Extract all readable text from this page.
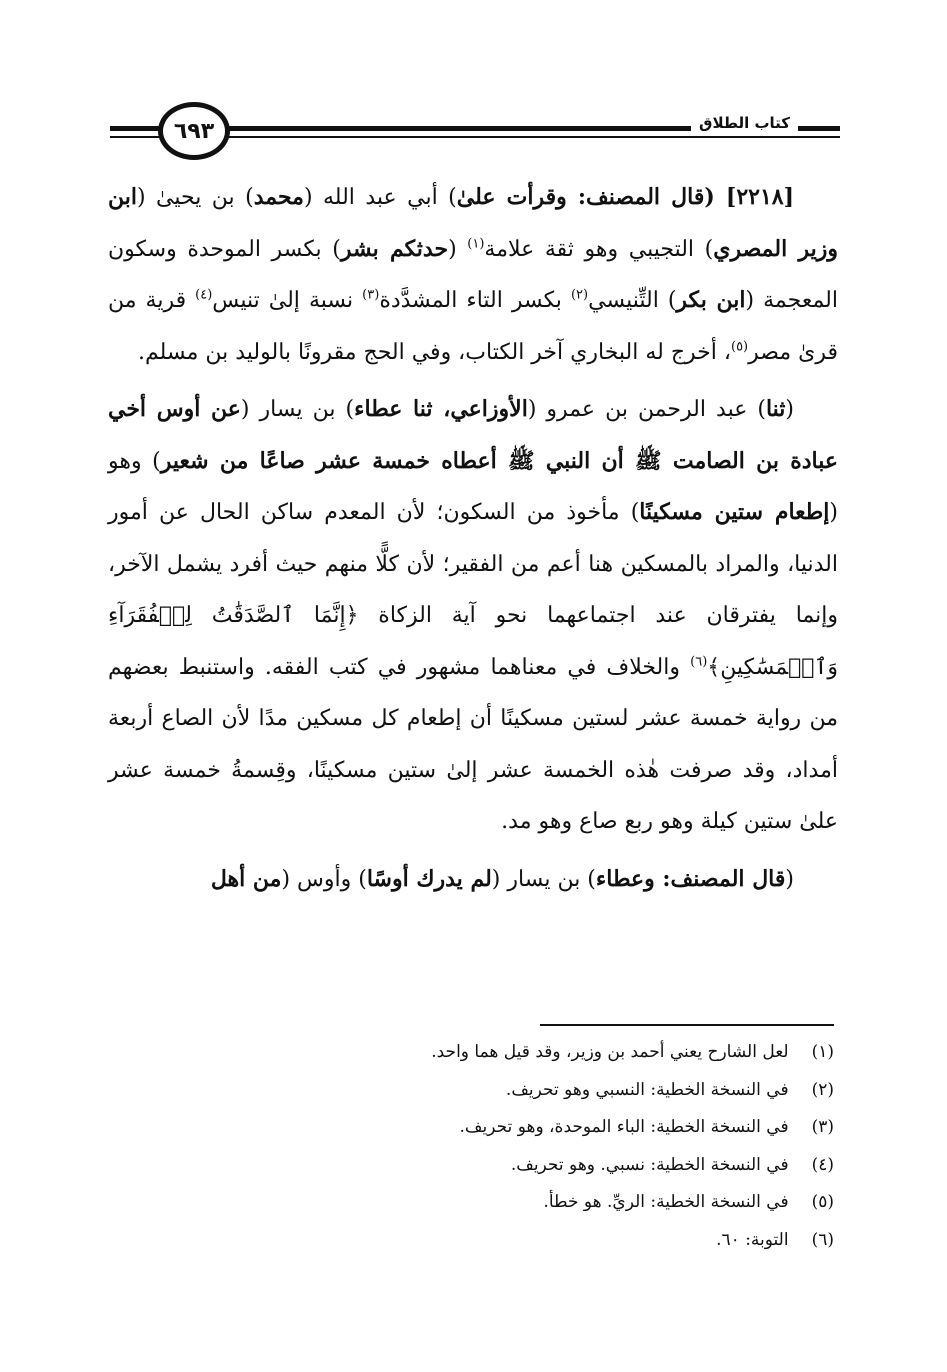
كتاب الطلاق
٦٩٣

[٢٢١٨] (قال المصنف: وقرأت علىٰ) أبي عبد الله (محمد) بن يحيىٰ (ابن وزير المصري) التجيبي وهو ثقة علامة$^{(١)}$ (حدثكم بشر) بكسر الموحدة وسكون المعجمة (ابن بكر) التِّنيسي$^{(٢)}$ بكسر التاء المشدَّدة$^{(٣)}$ نسبة إلىٰ تنيس$^{(٤)}$ قرية من قرىٰ مصر$^{(٥)}$، أخرج له البخاري آخر الكتاب، وفي الحج مقرونًا بالوليد بن مسلم.

(ثنا) عبد الرحمن بن عمرو (الأوزاعي، ثنا عطاء) بن يسار (عن أوس أخي عبادة بن الصامت ﷺ أن النبي ﷺ أعطاه خمسة عشر صاعًا من شعير) وهو (إطعام ستين مسكينًا) مأخوذ من السكون؛ لأن المعدم ساكن الحال عن أمور الدنيا، والمراد بالمسكين هنا أعم من الفقير؛ لأن كلًّا منهم حيث أفرد يشمل الآخر، وإنما يفترقان عند اجتماعهما نحو آية الزكاة ﴿إِنَّمَا ٱلصَّدَقَٰتُ لِلۡفُقَرَآءِ وَٱلۡمَسَٰكِينِ﴾$^{(٦)}$ والخلاف في معناهما مشهور في كتب الفقه. واستنبط بعضهم من رواية خمسة عشر لستين مسكينًا أن إطعام كل مسكين مدًا لأن الصاع أربعة أمداد، وقد صرفت هٰذه الخمسة عشر إلىٰ ستين مسكينًا، وقِسمةُ خمسة عشر علىٰ ستين كيلة وهو ربع صاع وهو مد.

(قال المصنف: وعطاء) بن يسار (لم يدرك أوسًا) وأوس (من أهل

(١) لعل الشارح يعني أحمد بن وزير، وقد قيل هما واحد.
(٢) في النسخة الخطية: النسبي وهو تحريف.
(٣) في النسخة الخطية: الباء الموحدة، وهو تحريف.
(٤) في النسخة الخطية: نسبي. وهو تحريف.
(٥) في النسخة الخطية: الريِّ. هو خطأ.
(٦) التوبة: ٦٠.
